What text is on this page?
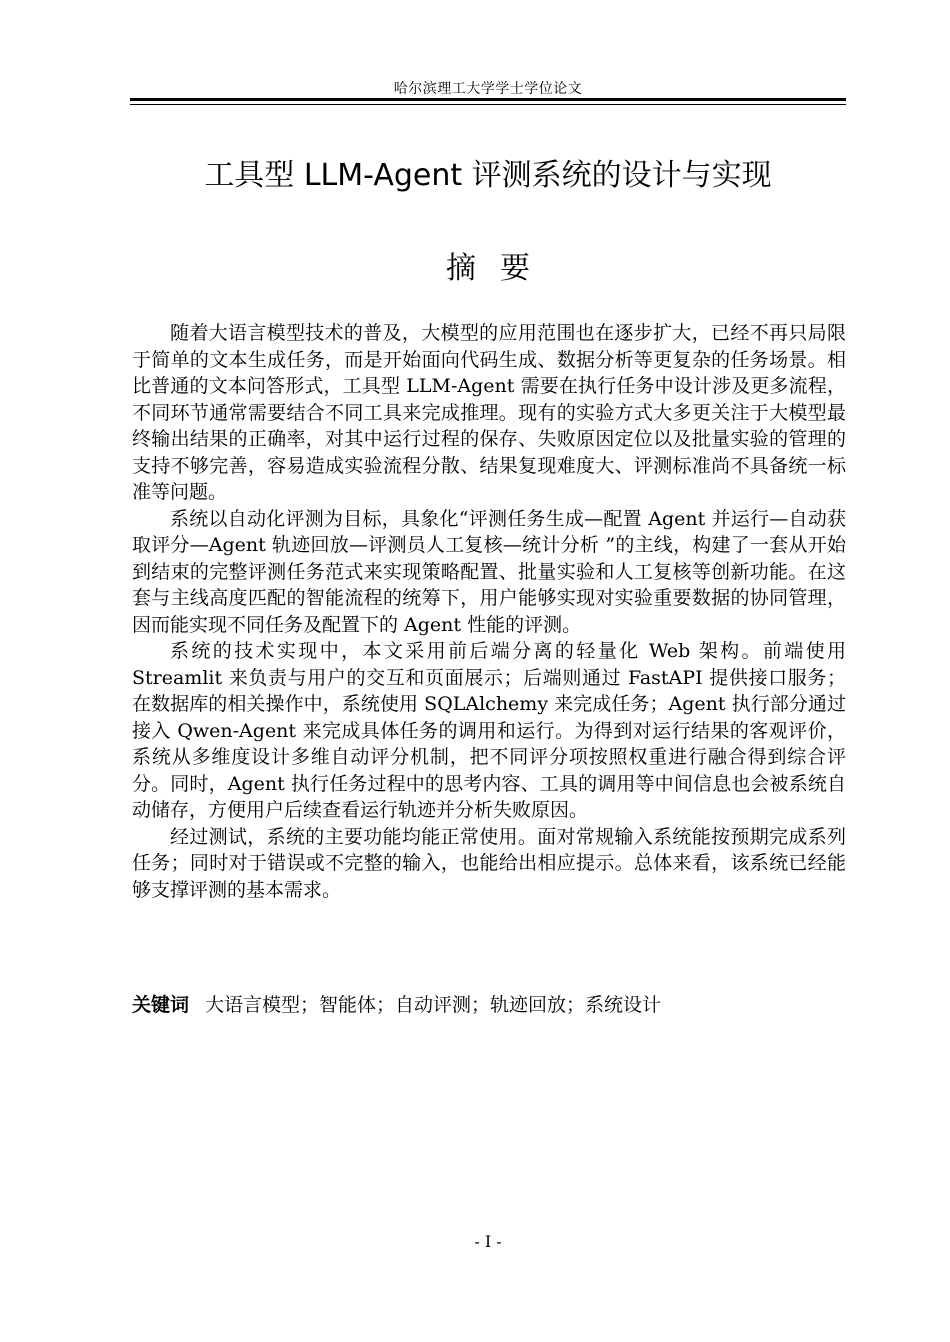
哈尔滨理工大学学士学位论文
工具型 LLM-Agent 评测系统的设计与实现
摘要

随着大语言模型技术的普及，大模型的应用范围也在逐步扩大，已经不再只局限于简单的文本生成任务，而是开始面向代码生成、数据分析等更复杂的任务场景。相比普通的文本问答形式，工具型 LLM-Agent 需要在执行任务中设计涉及更多流程，不同环节通常需要结合不同工具来完成推理。现有的实验方式大多更关注于大模型最终输出结果的正确率，对其中运行过程的保存、失败原因定位以及批量实验的管理的支持不够完善，容易造成实验流程分散、结果复现难度大、评测标准尚不具备统一标准等问题。

系统以自动化评测为目标，具象化“评测任务生成—配置 Agent 并运行—自动获取评分—Agent 轨迹回放—评测员人工复核—统计分析 ”的主线，构建了一套从开始到结束的完整评测任务范式来实现策略配置、批量实验和人工复核等创新功能。在这套与主线高度匹配的智能流程的统筹下，用户能够实现对实验重要数据的协同管理，因而能实现不同任务及配置下的 Agent 性能的评测。

系统的技术实现中，本文采用前后端分离的轻量化 Web 架构。前端使用 Streamlit 来负责与用户的交互和页面展示；后端则通过 FastAPI 提供接口服务；在数据库的相关操作中，系统使用 SQLAlchemy 来完成任务；Agent 执行部分通过接入 Qwen-Agent 来完成具体任务的调用和运行。为得到对运行结果的客观评价，系统从多维度设计多维自动评分机制，把不同评分项按照权重进行融合得到综合评分。同时，Agent 执行任务过程中的思考内容、工具的调用等中间信息也会被系统自动储存，方便用户后续查看运行轨迹并分析失败原因。

经过测试，系统的主要功能均能正常使用。面对常规输入系统能按预期完成系列任务；同时对于错误或不完整的输入，也能给出相应提示。总体来看，该系统已经能够支撑评测的基本需求。

关键词 大语言模型；智能体；自动评测；轨迹回放；系统设计
- I -
